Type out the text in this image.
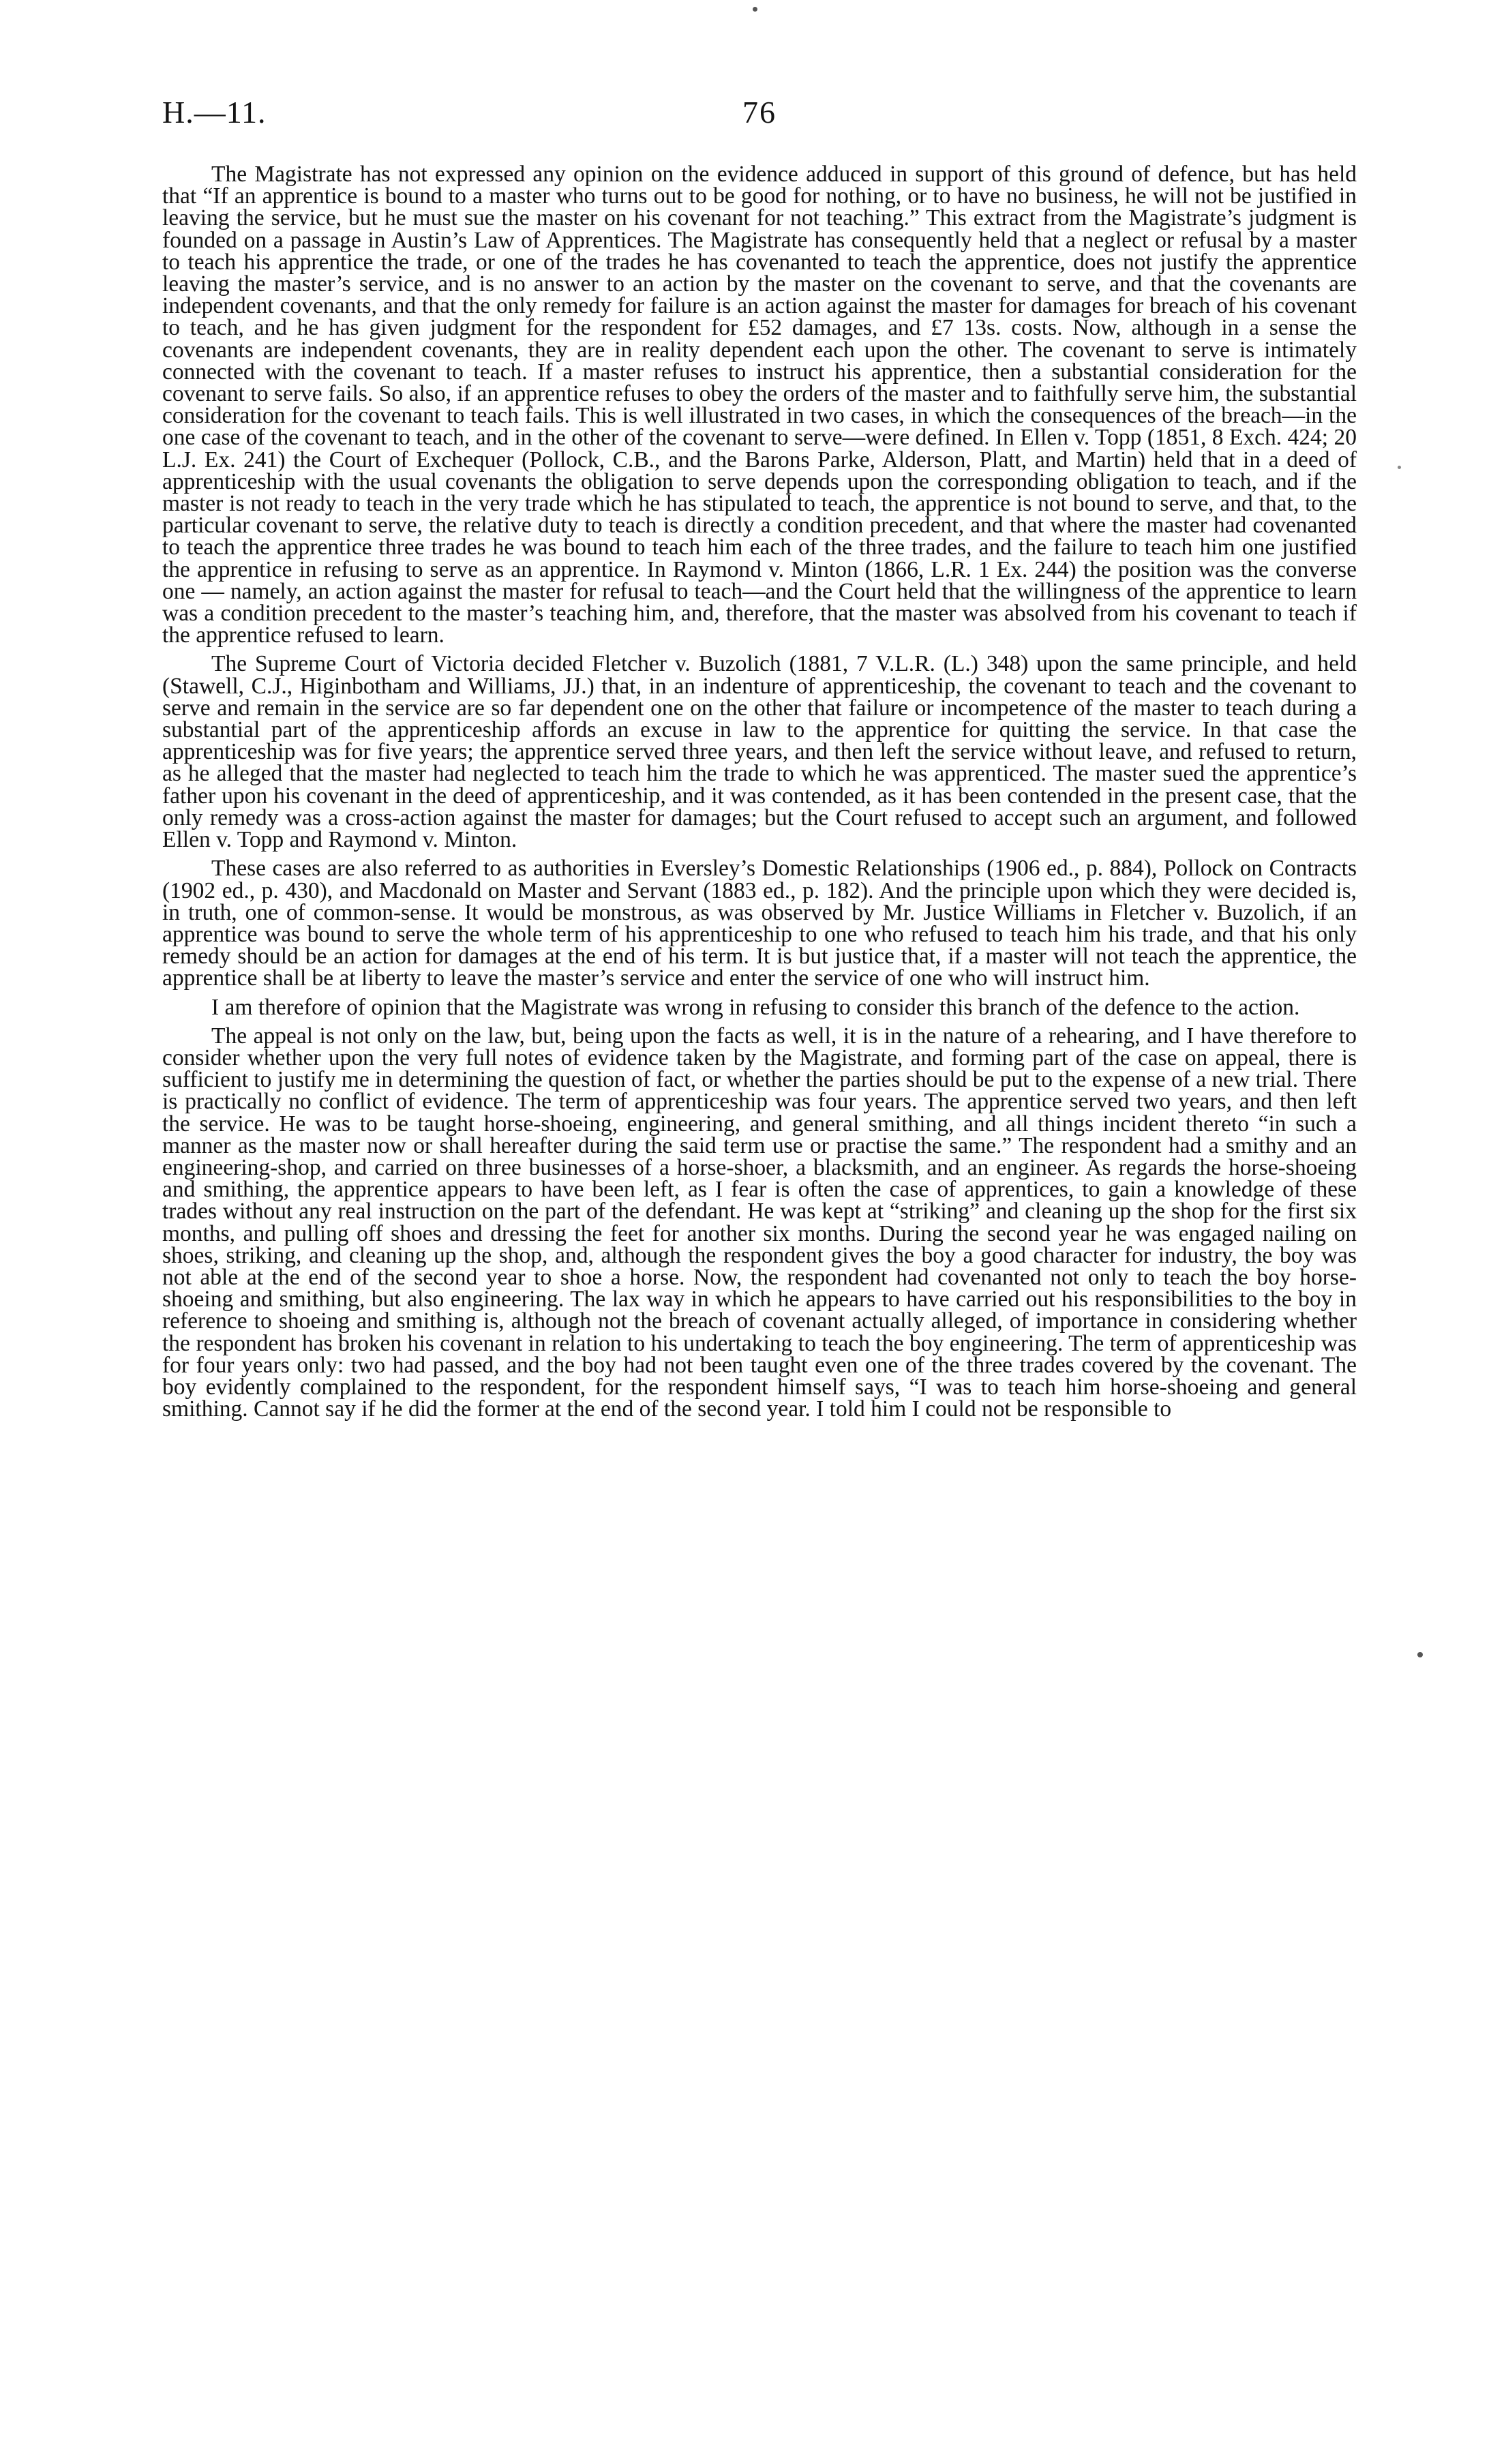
H.—11.	76

The Magistrate has not expressed any opinion on the evidence adduced in support of this ground of defence, but has held that “If an apprentice is bound to a master who turns out to be good for nothing, or to have no business, he will not be justified in leaving the service, but he must sue the master on his covenant for not teaching.” This extract from the Magistrate’s judgment is founded on a passage in Austin’s Law of Apprentices. The Magistrate has consequently held that a neglect or refusal by a master to teach his apprentice the trade, or one of the trades he has covenanted to teach the apprentice, does not justify the apprentice leaving the master’s service, and is no answer to an action by the master on the covenant to serve, and that the covenants are independent covenants, and that the only remedy for failure is an action against the master for damages for breach of his covenant to teach, and he has given judgment for the respondent for £52 damages, and £7 13s. costs. Now, although in a sense the covenants are independent covenants, they are in reality dependent each upon the other. The covenant to serve is intimately connected with the covenant to teach. If a master refuses to instruct his apprentice, then a substantial consideration for the covenant to serve fails. So also, if an apprentice refuses to obey the orders of the master and to faithfully serve him, the substantial consideration for the covenant to teach fails. This is well illustrated in two cases, in which the consequences of the breach—in the one case of the covenant to teach, and in the other of the covenant to serve—were defined. In Ellen v. Topp (1851, 8 Exch. 424; 20 L.J. Ex. 241) the Court of Exchequer (Pollock, C.B., and the Barons Parke, Alderson, Platt, and Martin) held that in a deed of apprenticeship with the usual covenants the obligation to serve depends upon the corresponding obligation to teach, and if the master is not ready to teach in the very trade which he has stipulated to teach, the apprentice is not bound to serve, and that, to the particular covenant to serve, the relative duty to teach is directly a condition precedent, and that where the master had covenanted to teach the apprentice three trades he was bound to teach him each of the three trades, and the failure to teach him one justified the apprentice in refusing to serve as an apprentice. In Raymond v. Minton (1866, L.R. 1 Ex. 244) the position was the converse one — namely, an action against the master for refusal to teach—and the Court held that the willingness of the apprentice to learn was a condition precedent to the master’s teaching him, and, therefore, that the master was absolved from his covenant to teach if the apprentice refused to learn.

The Supreme Court of Victoria decided Fletcher v. Buzolich (1881, 7 V.L.R. (L.) 348) upon the same principle, and held (Stawell, C.J., Higinbotham and Williams, JJ.) that, in an indenture of apprenticeship, the covenant to teach and the covenant to serve and remain in the service are so far dependent one on the other that failure or incompetence of the master to teach during a substantial part of the apprenticeship affords an excuse in law to the apprentice for quitting the service. In that case the apprenticeship was for five years; the apprentice served three years, and then left the service without leave, and refused to return, as he alleged that the master had neglected to teach him the trade to which he was apprenticed. The master sued the apprentice’s father upon his covenant in the deed of apprenticeship, and it was contended, as it has been contended in the present case, that the only remedy was a cross-action against the master for damages; but the Court refused to accept such an argument, and followed Ellen v. Topp and Raymond v. Minton.

These cases are also referred to as authorities in Eversley’s Domestic Relationships (1906 ed., p. 884), Pollock on Contracts (1902 ed., p. 430), and Macdonald on Master and Servant (1883 ed., p. 182). And the principle upon which they were decided is, in truth, one of common-sense. It would be monstrous, as was observed by Mr. Justice Williams in Fletcher v. Buzolich, if an apprentice was bound to serve the whole term of his apprenticeship to one who refused to teach him his trade, and that his only remedy should be an action for damages at the end of his term. It is but justice that, if a master will not teach the apprentice, the apprentice shall be at liberty to leave the master’s service and enter the service of one who will instruct him.

I am therefore of opinion that the Magistrate was wrong in refusing to consider this branch of the defence to the action.

The appeal is not only on the law, but, being upon the facts as well, it is in the nature of a rehearing, and I have therefore to consider whether upon the very full notes of evidence taken by the Magistrate, and forming part of the case on appeal, there is sufficient to justify me in determining the question of fact, or whether the parties should be put to the expense of a new trial. There is practically no conflict of evidence. The term of apprenticeship was four years. The apprentice served two years, and then left the service. He was to be taught horse-shoeing, engineering, and general smithing, and all things incident thereto “in such a manner as the master now or shall hereafter during the said term use or practise the same.” The respondent had a smithy and an engineering-shop, and carried on three businesses of a horse-shoer, a blacksmith, and an engineer. As regards the horse-shoeing and smithing, the apprentice appears to have been left, as I fear is often the case of apprentices, to gain a knowledge of these trades without any real instruction on the part of the defendant. He was kept at “striking” and cleaning up the shop for the first six months, and pulling off shoes and dressing the feet for another six months. During the second year he was engaged nailing on shoes, striking, and cleaning up the shop, and, although the respondent gives the boy a good character for industry, the boy was not able at the end of the second year to shoe a horse. Now, the respondent had covenanted not only to teach the boy horse-shoeing and smithing, but also engineering. The lax way in which he appears to have carried out his responsibilities to the boy in reference to shoeing and smithing is, although not the breach of covenant actually alleged, of importance in considering whether the respondent has broken his covenant in relation to his undertaking to teach the boy engineering. The term of apprenticeship was for four years only: two had passed, and the boy had not been taught even one of the three trades covered by the covenant. The boy evidently complained to the respondent, for the respondent himself says, “I was to teach him horse-shoeing and general smithing. Cannot say if he did the former at the end of the second year. I told him I could not be responsible to
